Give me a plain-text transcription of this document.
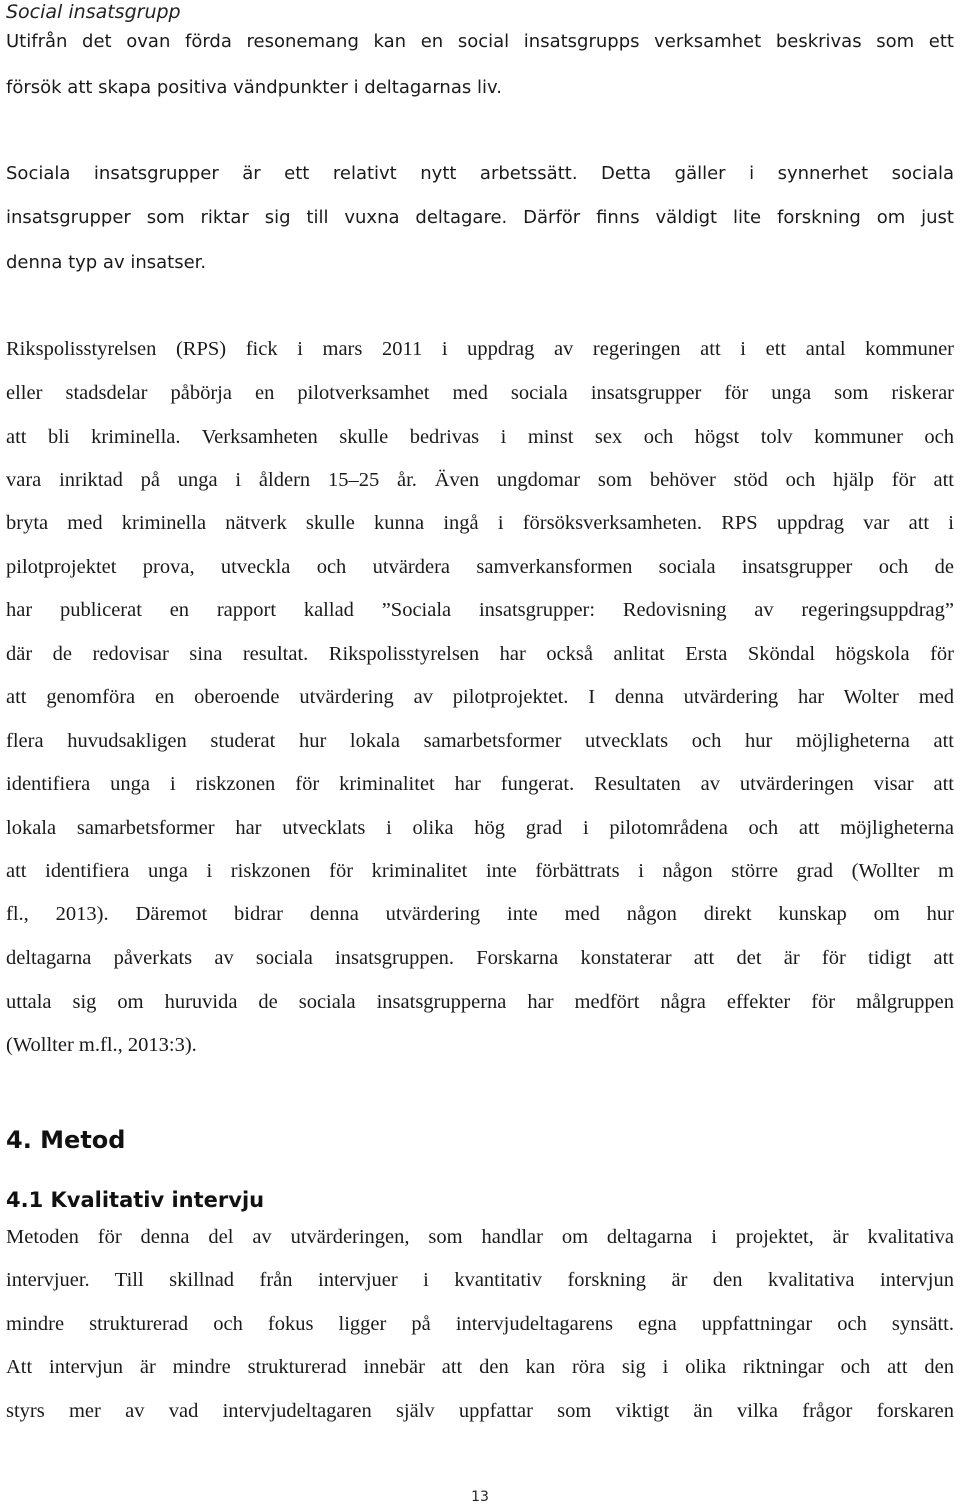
Social insatsgrupp
Utifrån det ovan förda resonemang kan en social insatsgrupps verksamhet beskrivas som ett
försök att skapa positiva vändpunkter i deltagarnas liv.
Sociala insatsgrupper är ett relativt nytt arbetssätt. Detta gäller i synnerhet sociala
insatsgrupper som riktar sig till vuxna deltagare. Därför finns väldigt lite forskning om just
denna typ av insatser.
Rikspolisstyrelsen (RPS) fick i mars 2011 i uppdrag av regeringen att i ett antal kommuner
eller stadsdelar påbörja en pilotverksamhet med sociala insatsgrupper för unga som riskerar
att bli kriminella. Verksamheten skulle bedrivas i minst sex och högst tolv kommuner och
vara inriktad på unga i åldern 15–25 år. Även ungdomar som behöver stöd och hjälp för att
bryta med kriminella nätverk skulle kunna ingå i försöksverksamheten. RPS uppdrag var att i
pilotprojektet prova, utveckla och utvärdera samverkansformen sociala insatsgrupper och de
har publicerat en rapport kallad ”Sociala insatsgrupper: Redovisning av regeringsuppdrag”
där de redovisar sina resultat. Rikspolisstyrelsen har också anlitat Ersta Sköndal högskola för
att genomföra en oberoende utvärdering av pilotprojektet. I denna utvärdering har Wolter med
flera huvudsakligen studerat hur lokala samarbetsformer utvecklats och hur möjligheterna att
identifiera unga i riskzonen för kriminalitet har fungerat. Resultaten av utvärderingen visar att
lokala samarbetsformer har utvecklats i olika hög grad i pilotområdena och att möjligheterna
att identifiera unga i riskzonen för kriminalitet inte förbättrats i någon större grad (Wollter m
fl., 2013). Däremot bidrar denna utvärdering inte med någon direkt kunskap om hur
deltagarna påverkats av sociala insatsgruppen. Forskarna konstaterar att det är för tidigt att
uttala sig om huruvida de sociala insatsgrupperna har medfört några effekter för målgruppen
(Wollter m.fl., 2013:3).
4. Metod
4.1 Kvalitativ intervju
Metoden för denna del av utvärderingen, som handlar om deltagarna i projektet, är kvalitativa
intervjuer. Till skillnad från intervjuer i kvantitativ forskning är den kvalitativa intervjun
mindre strukturerad och fokus ligger på intervjudeltagarens egna uppfattningar och synsätt.
Att intervjun är mindre strukturerad innebär att den kan röra sig i olika riktningar och att den
styrs mer av vad intervjudeltagaren själv uppfattar som viktigt än vilka frågor forskaren
13
